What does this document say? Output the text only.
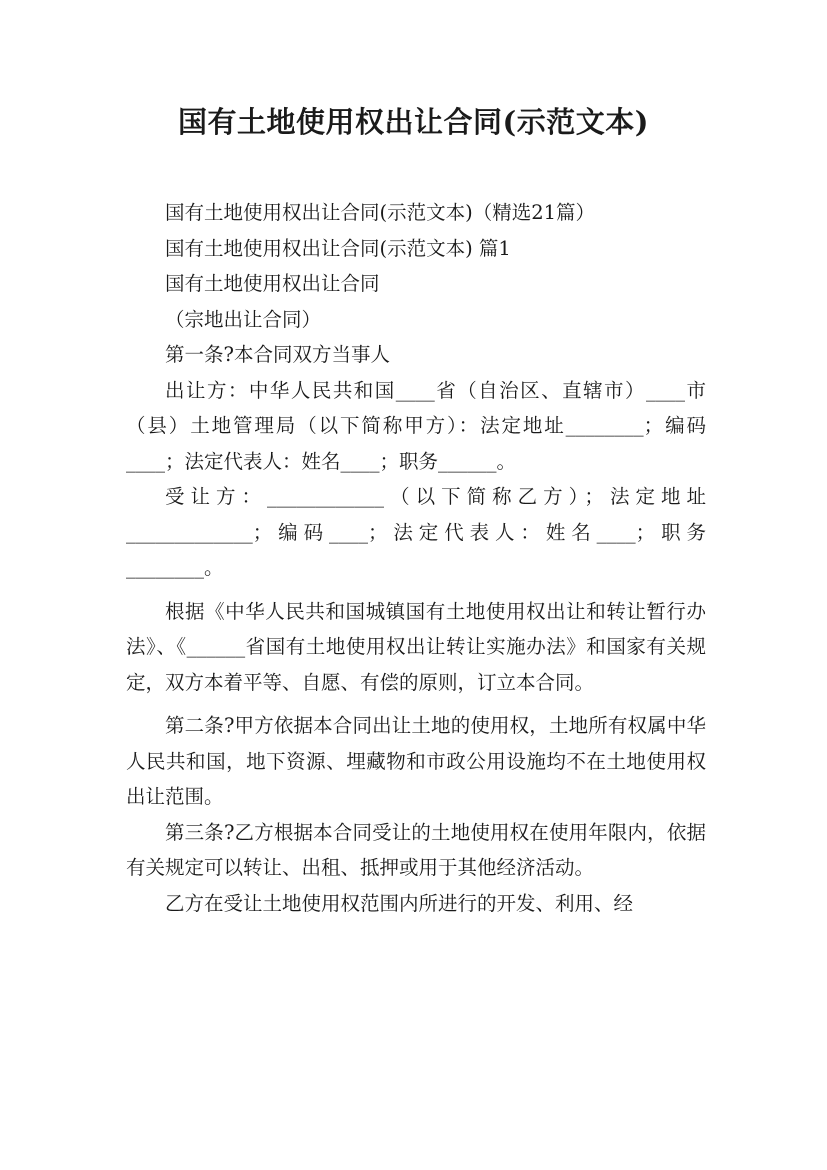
国有土地使用权出让合同(示范文本)

国有土地使用权出让合同(示范文本)（精选21篇）

国有土地使用权出让合同(示范文本) 篇1

国有土地使用权出让合同

（宗地出让合同）

第一条?本合同双方当事人

出让方：中华人民共和国____省（自治区、直辖市）____市（县）土地管理局（以下简称甲方）：法定地址________；编码____；法定代表人：姓名____；职务______。

受让方：____________（以下简称乙方）；法定地址_____________；编码____；法定代表人：姓名____；职务________。

根据《中华人民共和国城镇国有土地使用权出让和转让暂行办法》、《______省国有土地使用权出让转让实施办法》和国家有关规定，双方本着平等、自愿、有偿的原则，订立本合同。

第二条?甲方依据本合同出让土地的使用权，土地所有权属中华人民共和国，地下资源、埋藏物和市政公用设施均不在土地使用权出让范围。

第三条?乙方根据本合同受让的土地使用权在使用年限内，依据有关规定可以转让、出租、抵押或用于其他经济活动。

乙方在受让土地使用权范围内所进行的开发、利用、经
